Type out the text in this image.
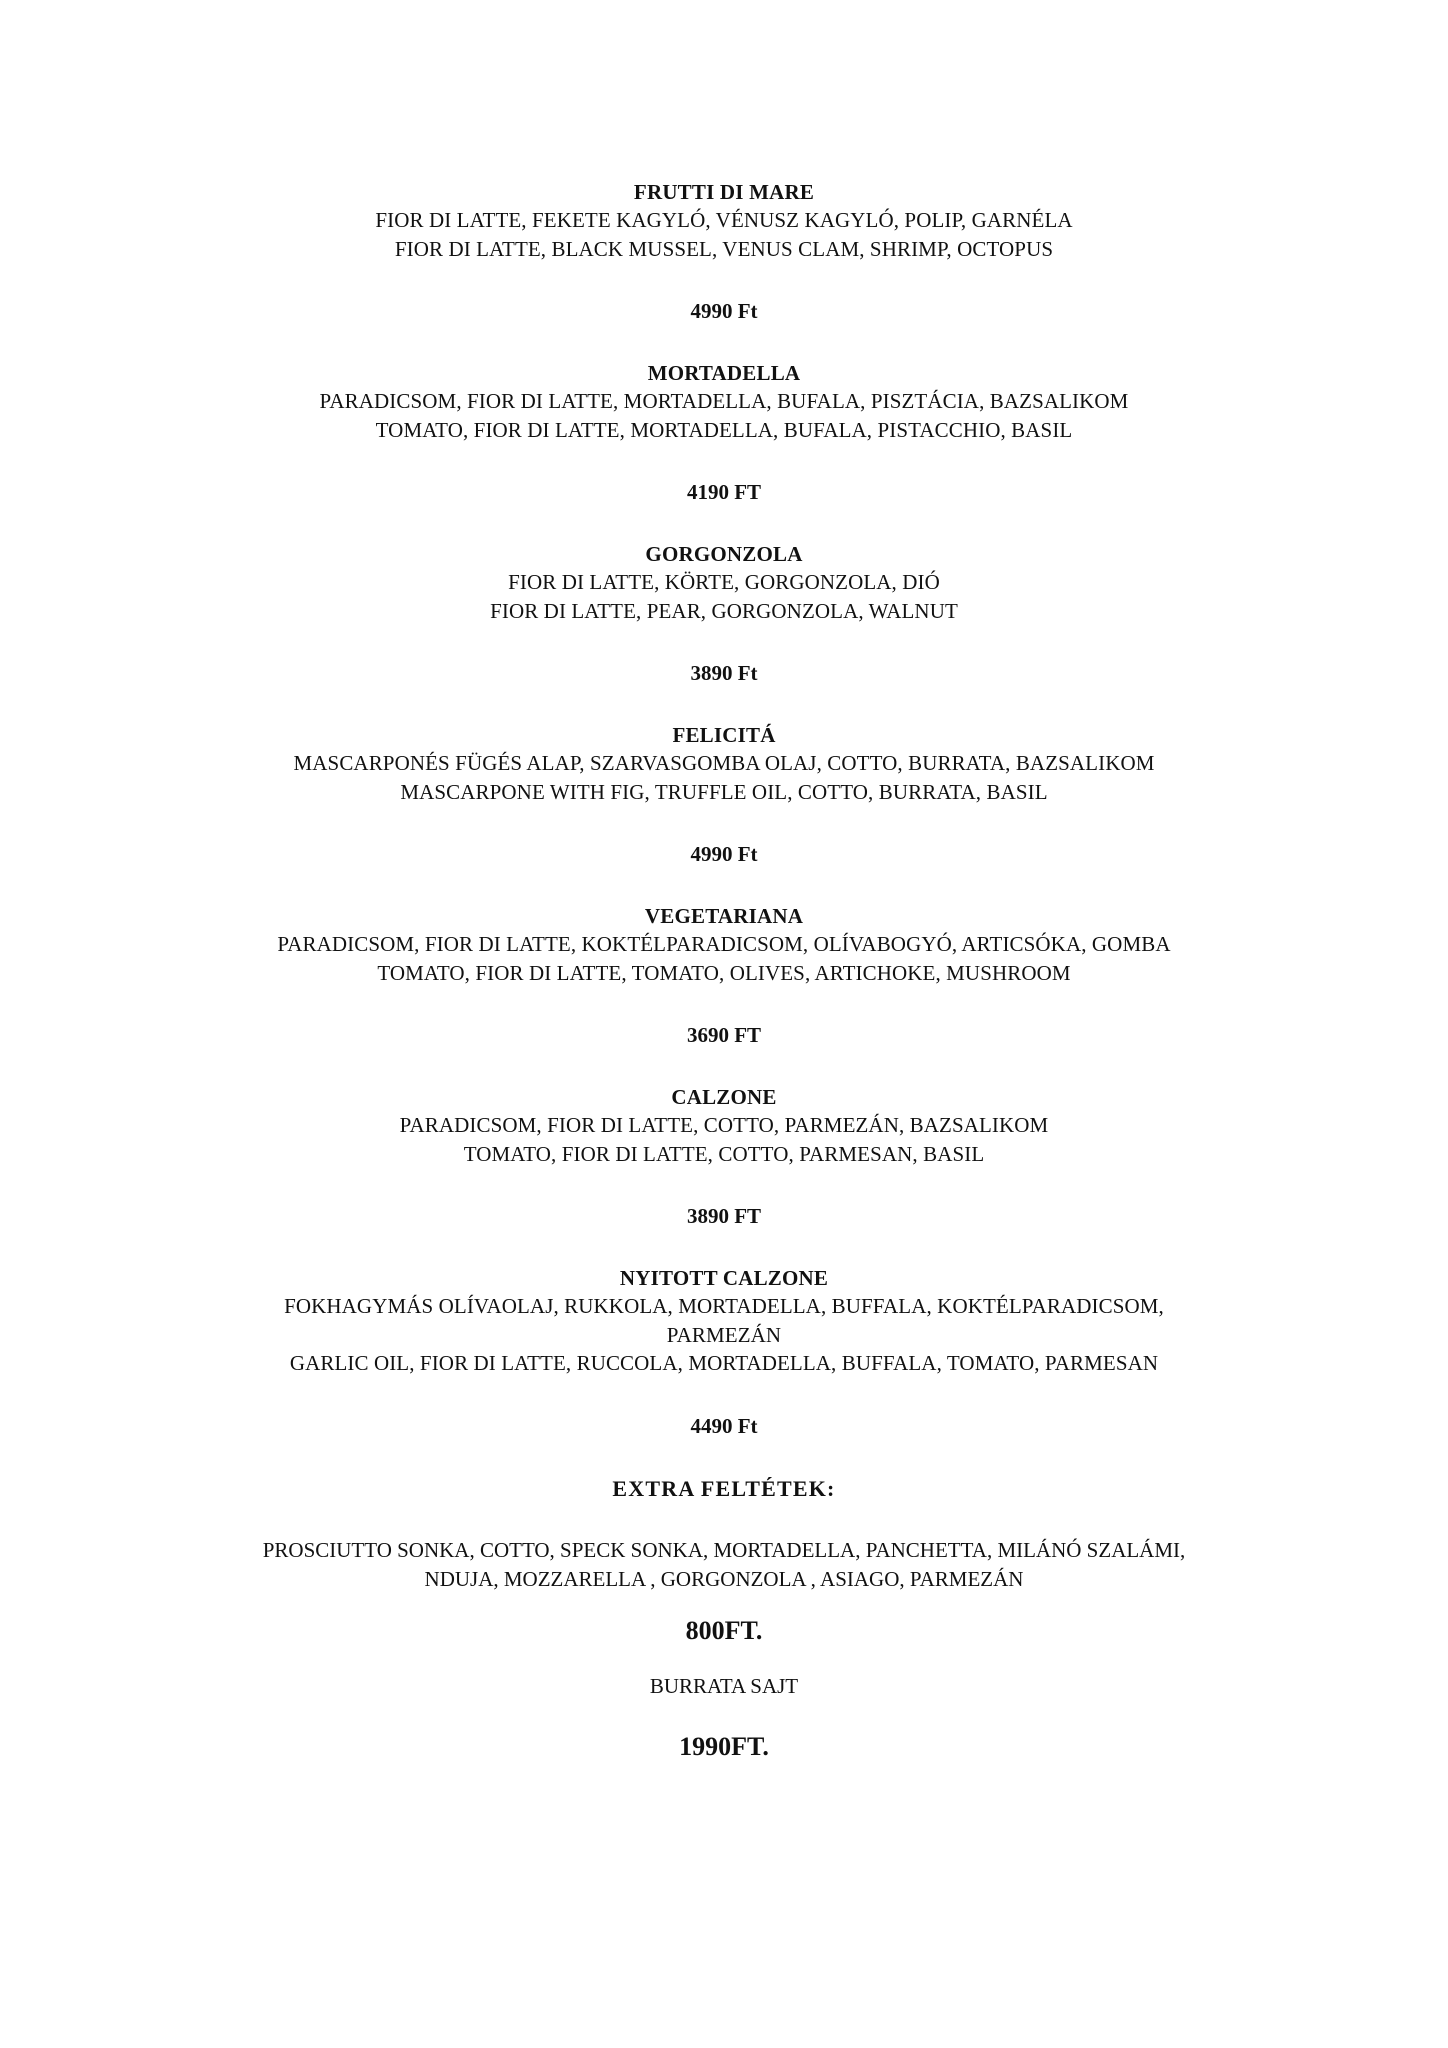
FRUTTI DI MARE
FIOR DI LATTE, FEKETE KAGYLÓ, VÉNUSZ KAGYLÓ, POLIP, GARNÉLA
FIOR DI LATTE, BLACK MUSSEL, VENUS CLAM, SHRIMP, OCTOPUS
4990 Ft
MORTADELLA
PARADICSOM, FIOR DI LATTE, MORTADELLA, BUFALA, PISZTÁCIA, BAZSALIKOM
TOMATO, FIOR DI LATTE, MORTADELLA, BUFALA, PISTACCHIO, BASIL
4190 FT
GORGONZOLA
FIOR DI LATTE, KÖRTE, GORGONZOLA, DIÓ
FIOR DI LATTE, PEAR, GORGONZOLA, WALNUT
3890 Ft
FELICITÁ
MASCARPONÉS FÜGÉS ALAP, SZARVASGOMBA OLAJ, COTTO, BURRATA, BAZSALIKOM
MASCARPONE WITH FIG, TRUFFLE OIL, COTTO, BURRATA, BASIL
4990 Ft
VEGETARIANA
PARADICSOM, FIOR DI LATTE, KOKTÉLPARADICSOM, OLÍVABOGYÓ, ARTICSÓKA, GOMBA
TOMATO, FIOR DI LATTE, TOMATO, OLIVES, ARTICHOKE, MUSHROOM
3690 FT
CALZONE
PARADICSOM, FIOR DI LATTE, COTTO, PARMEZÁN, BAZSALIKOM
TOMATO, FIOR DI LATTE, COTTO, PARMESAN, BASIL
3890 FT
NYITOTT CALZONE
FOKHAGYMÁS OLÍVAOLAJ, RUKKOLA, MORTADELLA, BUFFALA, KOKTÉLPARADICSOM,
PARMEZÁN
GARLIC OIL, FIOR DI LATTE, RUCCOLA, MORTADELLA, BUFFALA, TOMATO, PARMESAN
4490 Ft
EXTRA FELTÉTEK:
PROSCIUTTO SONKA, COTTO, SPECK SONKA, MORTADELLA, PANCHETTA, MILÁNÓ SZALÁMI,
NDUJA, MOZZARELLA , GORGONZOLA , ASIAGO, PARMEZÁN
800FT.
BURRATA SAJT
1990FT.
